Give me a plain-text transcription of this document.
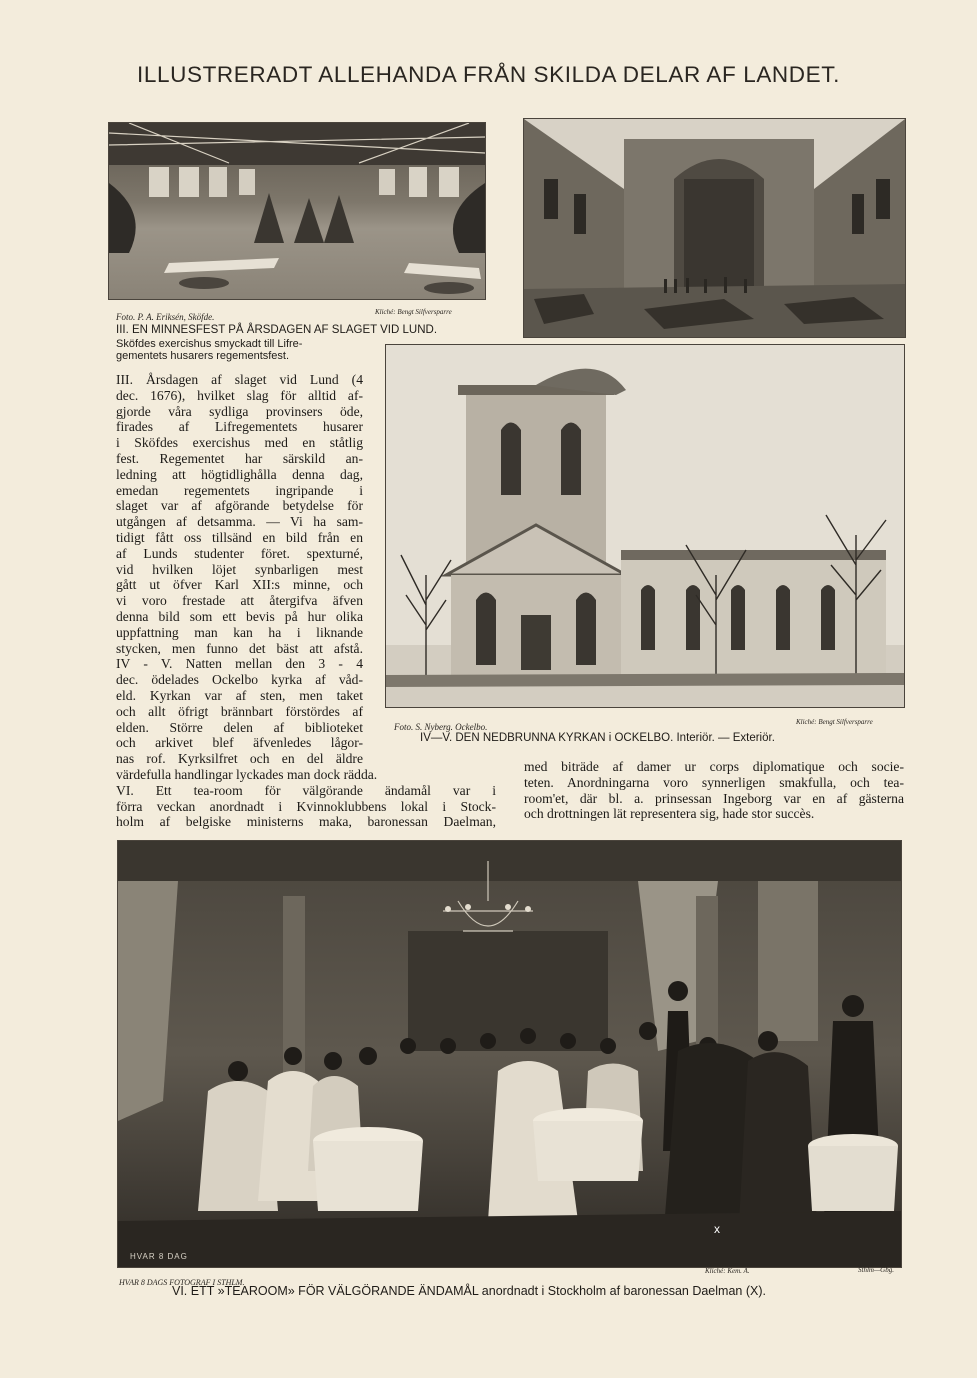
ILLUSTRERADT ALLEHANDA FRÅN SKILDA DELAR AF LANDET.
Foto. P. A. Eriksén, Sköfde.	Kliché: Bengt Silfversparre
III. EN MINNESFEST PÅ ÅRSDAGEN AF SLAGET VID LUND.
Sköfdes exercishus smyckadt till Lifre-
gementets husarers regementsfest.
Foto. S. Nyberg. Ockelbo.	Kliché: Bengt Silfversparre
IV—V. DEN NEDBRUNNA KYRKAN i OCKELBO. Interiör. — Exteriör.
III. Årsdagen af slaget vid Lund (4
dec. 1676), hvilket slag för alltid af-
gjorde våra sydliga provinsers öde,
firades af Lifregementets husarer
i Sköfdes exercishus med en ståtlig
fest. Regementet har särskild an-
ledning att högtidlighålla denna dag,
emedan regementets ingripande i
slaget var af afgörande betydelse för
utgången af detsamma. — Vi ha sam-
tidigt fått oss tillsänd en bild från en
af Lunds studenter föret. spexturné,
vid hvilken löjet synbarligen mest
gått ut öfver Karl XII:s minne, och
vi voro frestade att återgifva äfven
denna bild som ett bevis på hur olika
uppfattning man kan ha i liknande
stycken, men funno det bäst att afstå.
IV - V. Natten mellan den 3 - 4
dec. ödelades Ockelbo kyrka af våd-
eld. Kyrkan var af sten, men taket
och allt öfrigt brännbart förstördes af
elden. Större delen af biblioteket
och arkivet blef äfvenledes lågor-
nas rof. Kyrksilfret och en del äldre
värdefulla handlingar lyckades man dock rädda.
VI. Ett tea-room för välgörande ändamål var i
förra veckan anordnadt i Kvinnoklubbens lokal i Stock-
holm af belgiske ministerns maka, baronessan Daelman,
med biträde af damer ur corps diplomatique och socie-
teten. Anordningarna voro synnerligen smakfulla, och tea-
room'et, där bl. a. prinsessan Ingeborg var en af gästerna
och drottningen lät representera sig, hade stor succès.
x
HVAR 8 DAG
HVAR 8 DAGS FOTOGRAF I STHLM.
Kliché: Kem. A.	Sthlm—Gbg.
VI. ETT »TEAROOM» FÖR VÄLGÖRANDE ÄNDAMÅL anordnadt i Stockholm af baronessan Daelman (X).
